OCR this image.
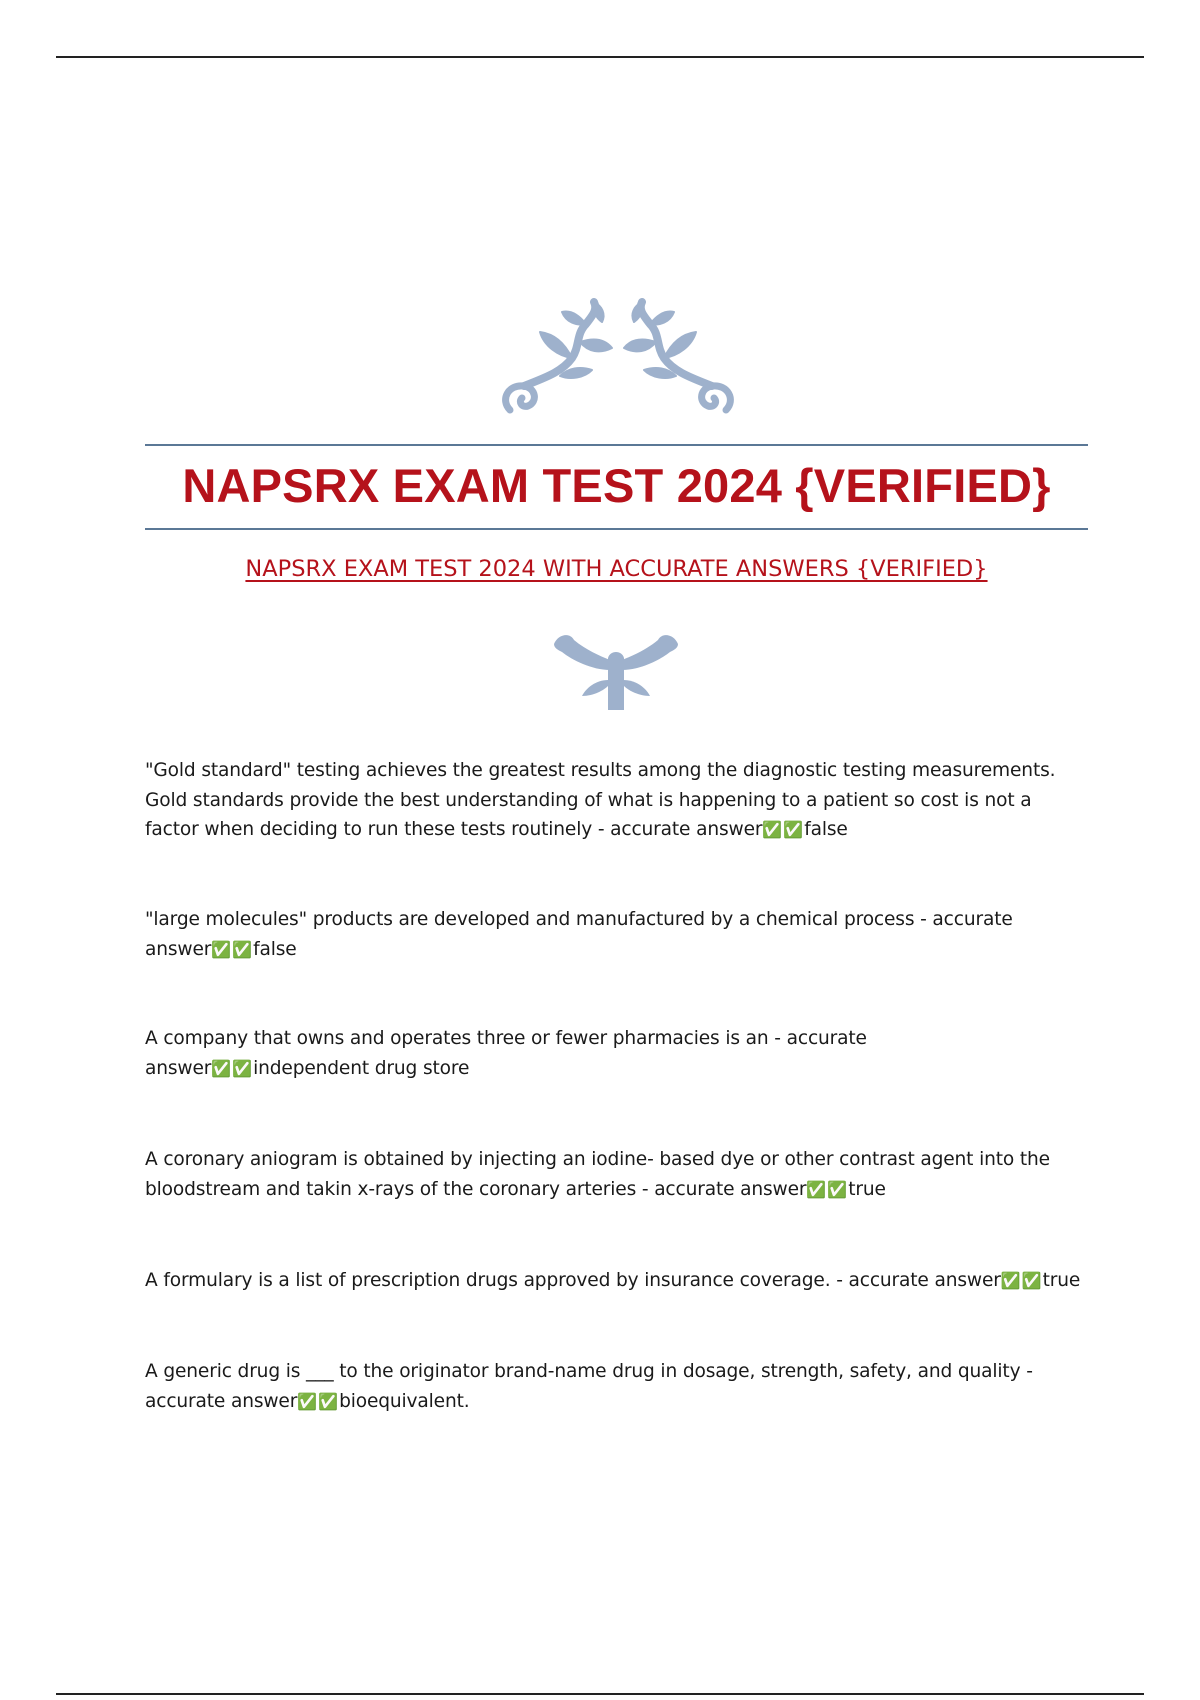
NAPSRX EXAM TEST 2024 {VERIFIED}
NAPSRX EXAM TEST 2024 WITH ACCURATE ANSWERS {VERIFIED}

"Gold standard" testing achieves the greatest results among the diagnostic testing measurements. Gold standards provide the best understanding of what is happening to a patient so cost is not a factor when deciding to run these tests routinely - accurate answer✅✅false

"large molecules" products are developed and manufactured by a chemical process - accurate answer✅✅false

A company that owns and operates three or fewer pharmacies is an - accurate answer✅✅independent drug store

A coronary aniogram is obtained by injecting an iodine- based dye or other contrast agent into the bloodstream and takin x-rays of the coronary arteries - accurate answer✅✅true

A formulary is a list of prescription drugs approved by insurance coverage. - accurate answer✅✅true

A generic drug is ___ to the originator brand-name drug in dosage, strength, safety, and quality - accurate answer✅✅bioequivalent.
